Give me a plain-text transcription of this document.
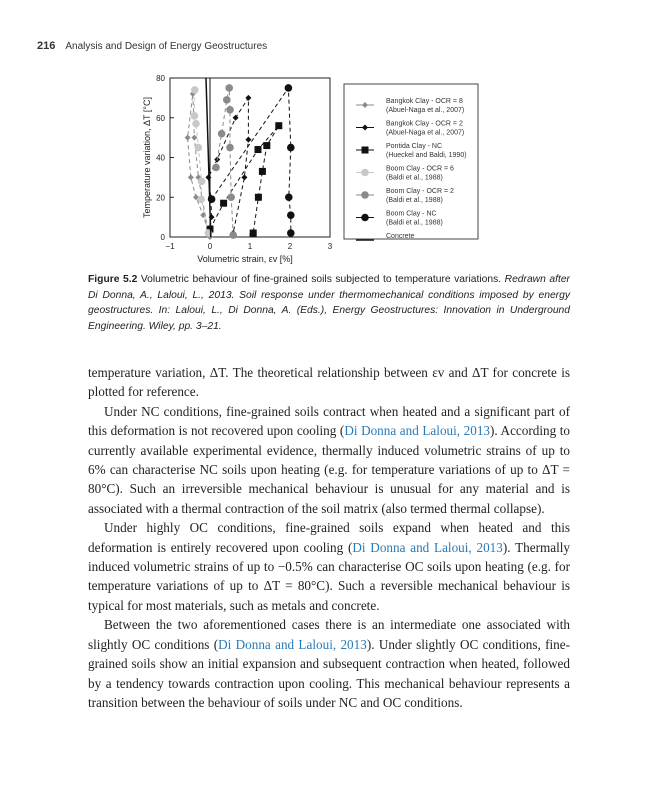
216 Analysis and Design of Energy Geostructures
−1	0	1	2	3
0
20
40
60
80
Volumetric strain, εv [%]
Temperature variation, ΔT [°C]	Bangkok Clay - OCR = 8
(Abuel-Naga et al., 2007)
Bangkok Clay - OCR = 2
(Abuel-Naga et al., 2007)
Pontida Clay - NC
(Hueckel and Baldi, 1990)
Boom Clay - OCR = 6
(Baldi et al., 1988)
Boom Clay - OCR = 2
(Baldi et al., 1988)
Boom Clay - NC
(Baldi et al., 1988)
Concrete
Figure 5.2 Volumetric behaviour of fine-grained soils subjected to temperature variations. Redrawn after Di Donna, A., Laloui, L., 2013. Soil response under thermomechanical conditions imposed by energy geostructures. In: Laloui, L., Di Donna, A. (Eds.), Energy Geostructures: Innovation in Underground Engineering. Wiley, pp. 3–21.

temperature variation, ΔT. The theoretical relationship between εv and ΔT for concrete is plotted for reference.

Under NC conditions, fine-grained soils contract when heated and a significant part of this deformation is not recovered upon cooling (Di Donna and Laloui, 2013). According to currently available experimental evidence, thermally induced volumetric strains of up to 6% can characterise NC soils upon heating (e.g. for temperature variations of up to ΔT = 80°C). Such an irreversible mechanical behaviour is unusual for any material and is associated with a thermal contraction of the soil matrix (also termed thermal collapse).

Under highly OC conditions, fine-grained soils expand when heated and this deformation is entirely recovered upon cooling (Di Donna and Laloui, 2013). Thermally induced volumetric strains of up to −0.5% can characterise OC soils upon heating (e.g. for temperature variations of up to ΔT = 80°C). Such a reversible mechanical behaviour is typical for most materials, such as metals and concrete.

Between the two aforementioned cases there is an intermediate one associated with slightly OC conditions (Di Donna and Laloui, 2013). Under slightly OC conditions, fine-grained soils show an initial expansion and subsequent contraction when heated, followed by a tendency towards contraction upon cooling. This mechanical behaviour represents a transition between the behaviour of soils under NC and OC conditions.
